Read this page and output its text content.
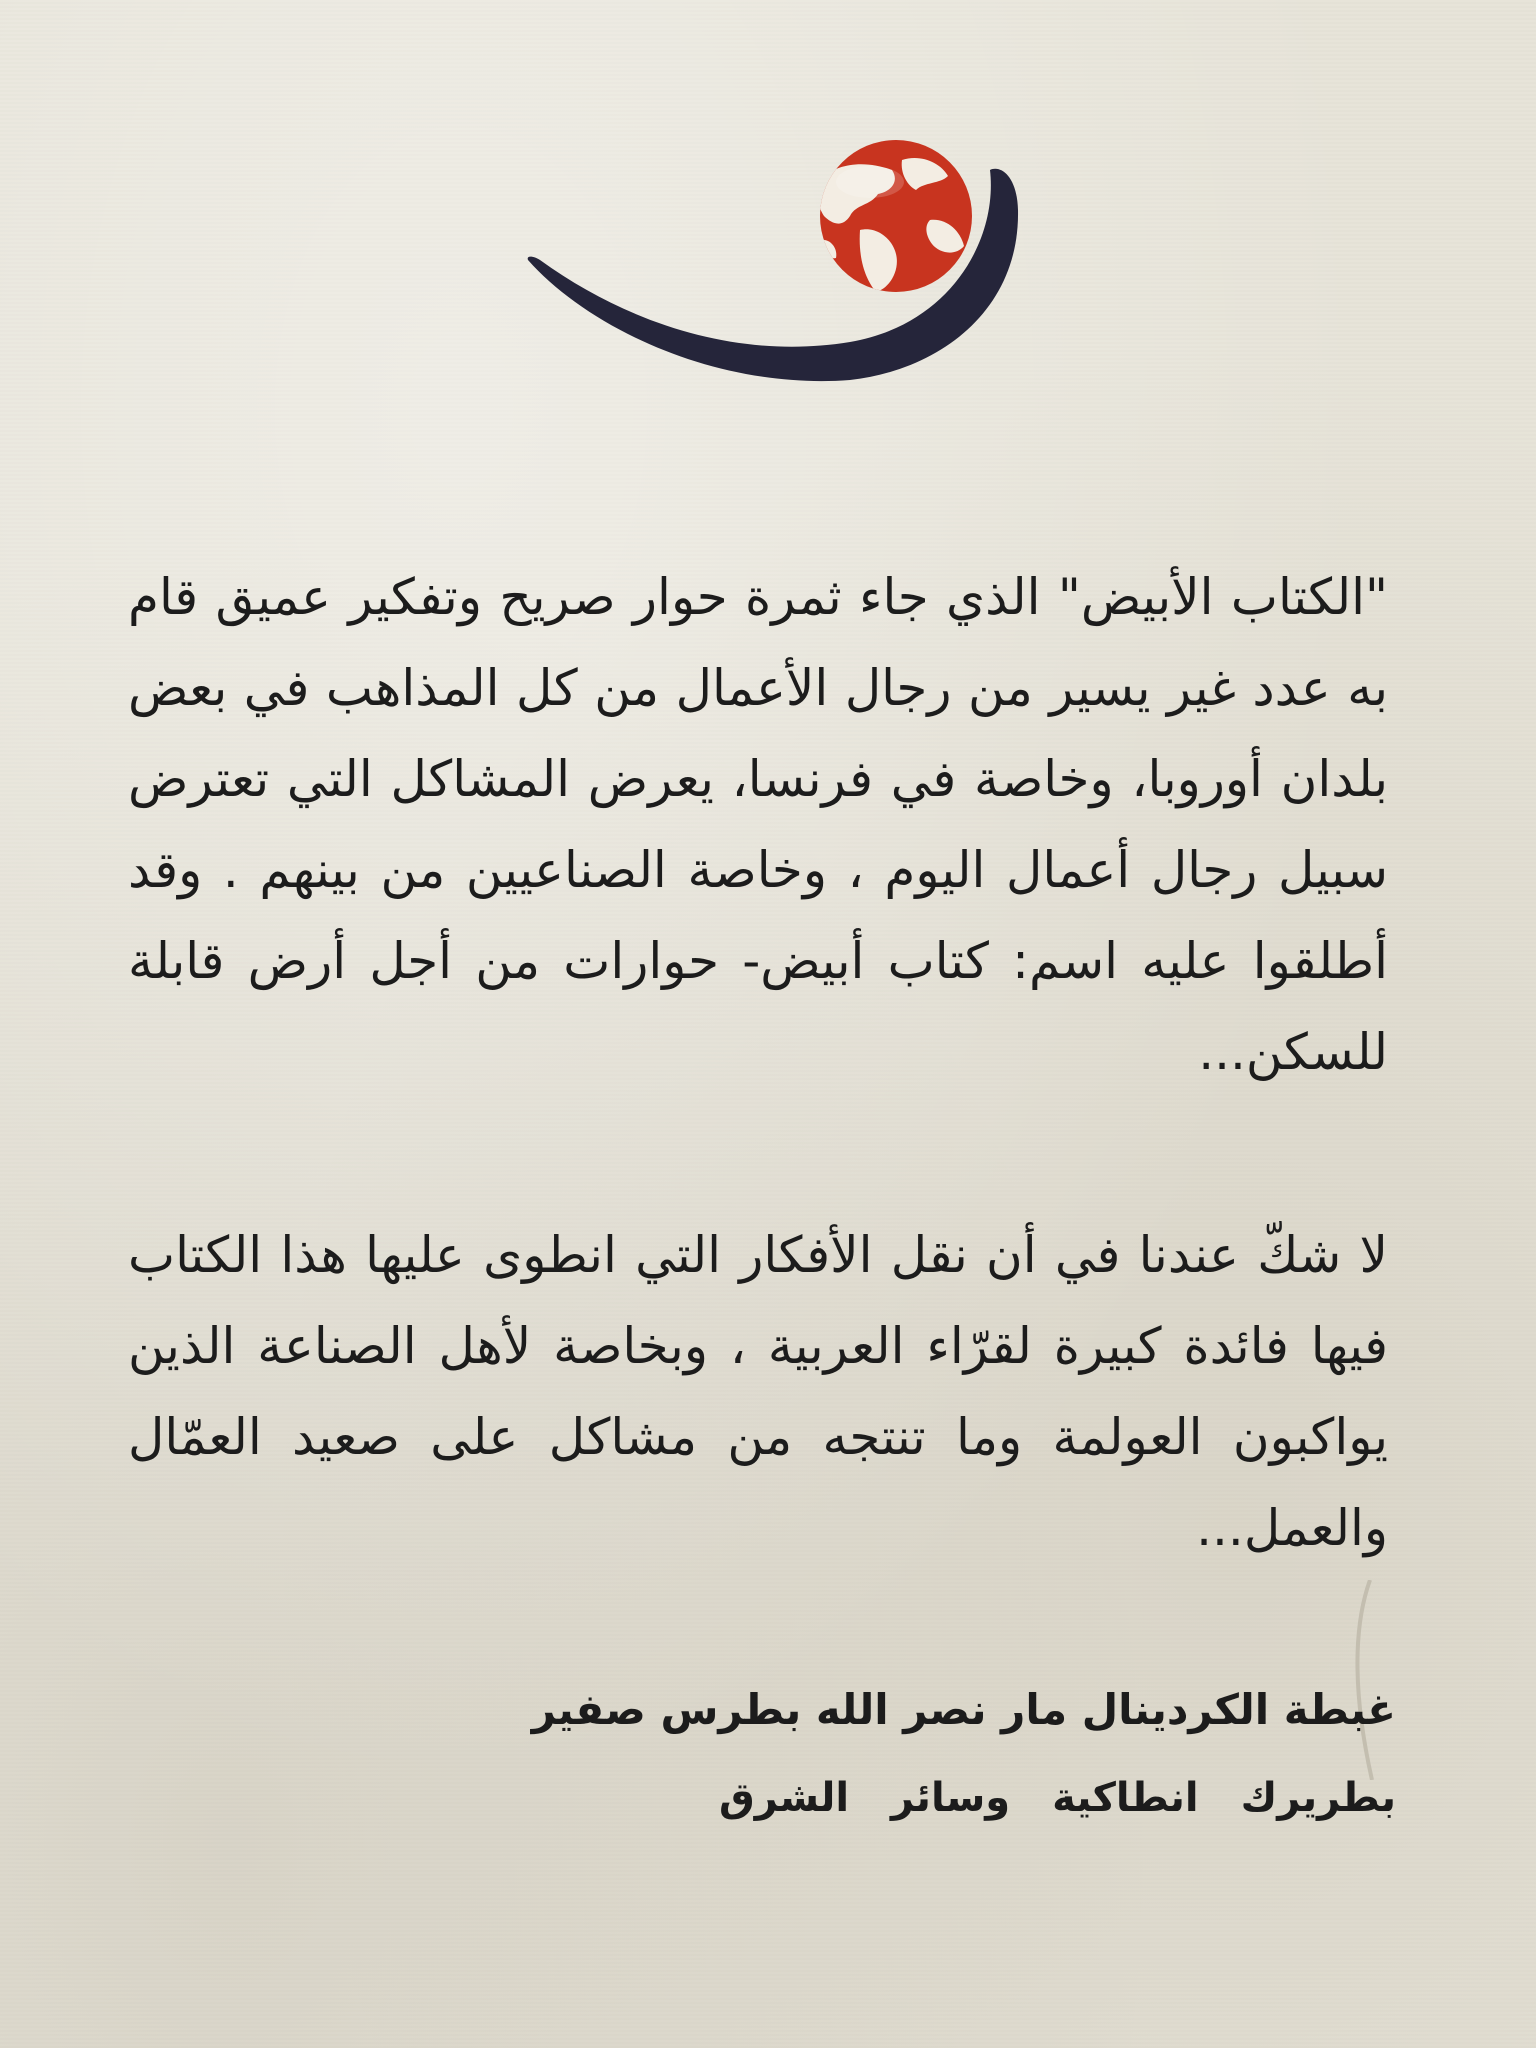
"الكتاب الأبيض" الذي جاء ثمرة حوار صريح وتفكير عميق قام به عدد غير يسير من رجال الأعمال من كل المذاهب في بعض بلدان أوروبا، وخاصة في فرنسا، يعرض المشاكل التي تعترض سبيل رجال أعمال اليوم ، وخاصة الصناعيين من بينهم . وقد أطلقوا عليه اسم: كتاب أبيض- حوارات من أجل أرض قابلة للسكن...

لا شكّ عندنا في أن نقل الأفكار التي انطوى عليها هذا الكتاب فيها فائدة كبيرة لقرّاء العربية ، وبخاصة لأهل الصناعة الذين يواكبون العولمة وما تنتجه من مشاكل على صعيد العمّال والعمل...

غبطة الكردينال مار نصر الله بطرس صفير
بطريرك انطاكية وسائر الشرق
